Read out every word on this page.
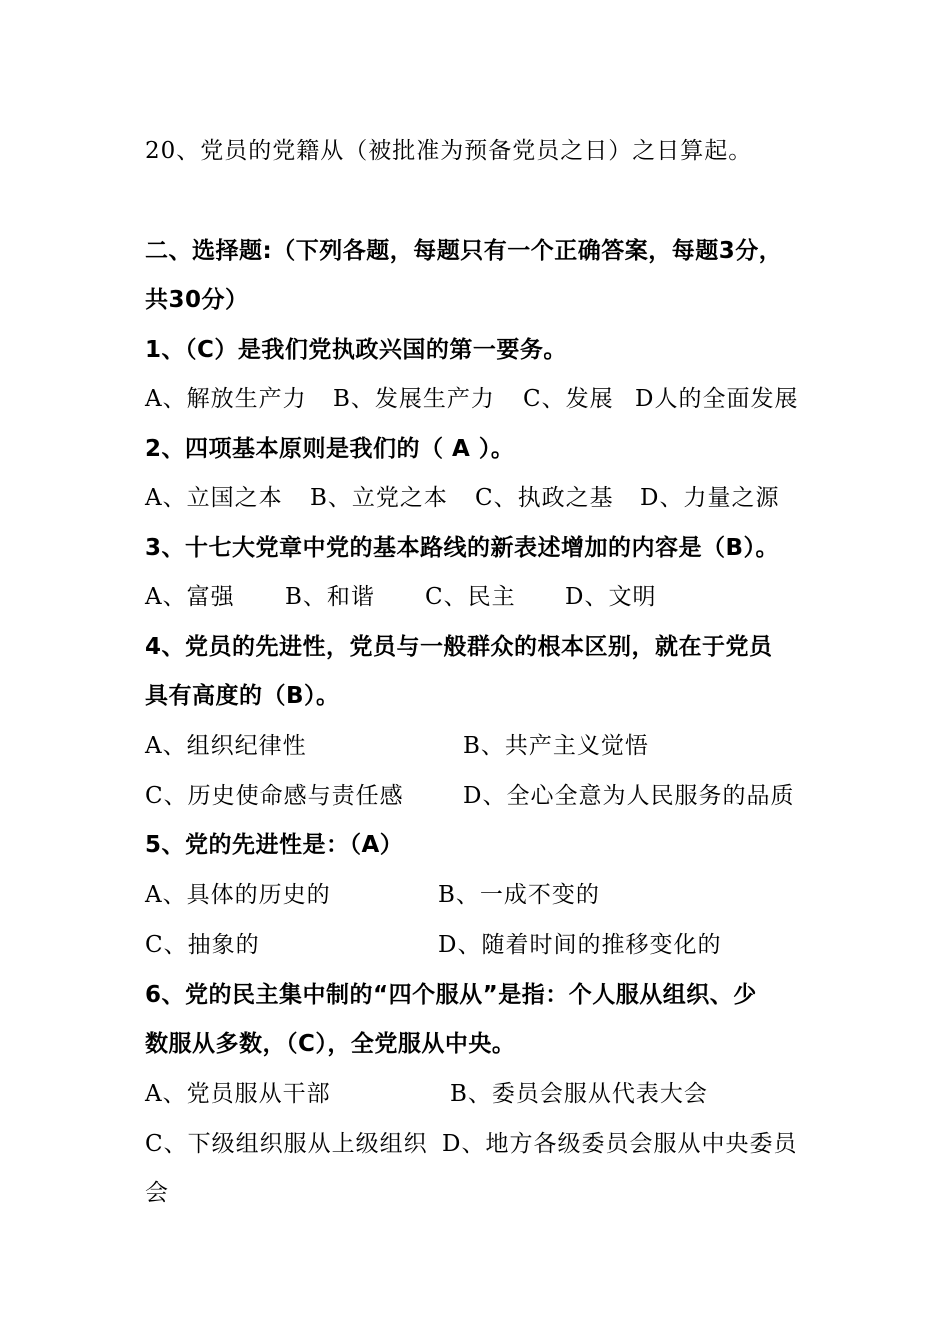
20、党员的党籍从（被批准为预备党员之日）之日算起。
二、选择题:（下列各题，每题只有一个正确答案，每题3分，
共30分）
1、（C）是我们党执政兴国的第一要务。
A、解放生产力 B、发展生产力 C、发展 D人的全面发展
2、四项基本原则是我们的（ A ）。
A、立国之本 B、立党之本 C、执政之基 D、力量之源
3、十七大党章中党的基本路线的新表述增加的内容是（B）。
A、富强 B、和谐 C、民主 D、文明
4、党员的先进性，党员与一般群众的根本区别，就在于党员
具有高度的（B）。
A、组织纪律性	B、共产主义觉悟
C、历史使命感与责任感	D、全心全意为人民服务的品质
5、党的先进性是：（A）
A、具体的历史的	B、一成不变的
C、抽象的	D、随着时间的推移变化的
6、党的民主集中制的“四个服从”是指：个人服从组织、少
数服从多数，（C），全党服从中央。
A、党员服从干部	B、委员会服从代表大会
C、下级组织服从上级组织 D、地方各级委员会服从中央委员
会
